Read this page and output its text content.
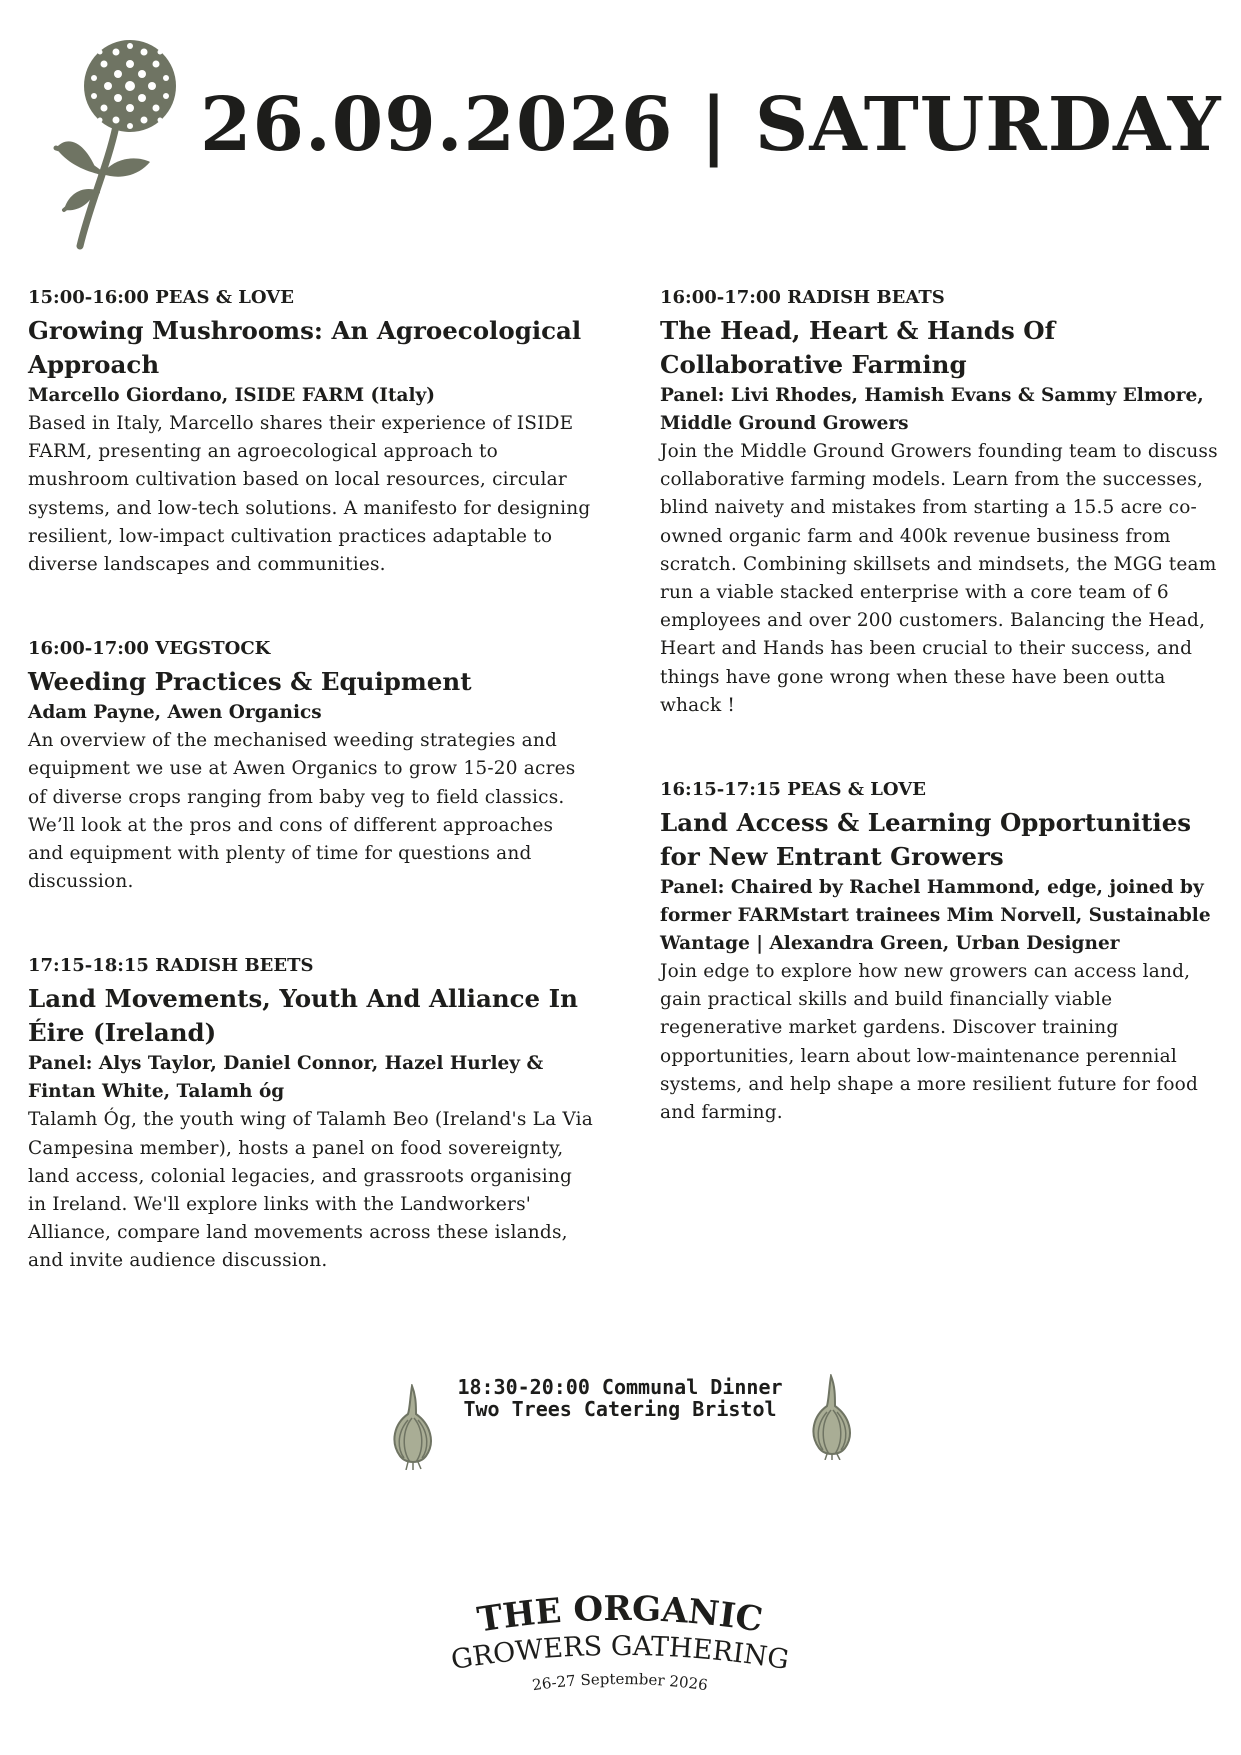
26.09.2026 | SATURDAY
15:00-16:00 PEAS & LOVE
Growing Mushrooms: An Agroecological Approach
Marcello Giordano, ISIDE FARM (Italy)
Based in Italy, Marcello shares their experience of ISIDE FARM, presenting an agroecological approach to mushroom cultivation based on local resources, circular systems, and low-tech solutions. A manifesto for designing resilient, low-impact cultivation practices adaptable to diverse landscapes and communities.
16:00-17:00 VEGSTOCK
Weeding Practices & Equipment
Adam Payne, Awen Organics
An overview of the mechanised weeding strategies and equipment we use at Awen Organics to grow 15-20 acres of diverse crops ranging from baby veg to field classics. We’ll look at the pros and cons of different approaches and equipment with plenty of time for questions and discussion.
17:15-18:15 RADISH BEETS
Land Movements, Youth And Alliance In Éire (Ireland)
Panel: Alys Taylor, Daniel Connor, Hazel Hurley & Fintan White, Talamh óg
Talamh Óg, the youth wing of Talamh Beo (Ireland's La Via Campesina member), hosts a panel on food sovereignty, land access, colonial legacies, and grassroots organising in Ireland. We'll explore links with the Landworkers' Alliance, compare land movements across these islands, and invite audience discussion.
16:00-17:00 RADISH BEATS
The Head, Heart & Hands Of Collaborative Farming
Panel: Livi Rhodes, Hamish Evans & Sammy Elmore, Middle Ground Growers
Join the Middle Ground Growers founding team to discuss collaborative farming models. Learn from the successes, blind naivety and mistakes from starting a 15.5 acre co-owned organic farm and 400k revenue business from scratch. Combining skillsets and mindsets, the MGG team run a viable stacked enterprise with a core team of 6 employees and over 200 customers. Balancing the Head, Heart and Hands has been crucial to their success, and things have gone wrong when these have been outta whack !
16:15-17:15 PEAS & LOVE
Land Access & Learning Opportunities for New Entrant Growers
Panel: Chaired by Rachel Hammond, edge, joined by former FARMstart trainees Mim Norvell, Sustainable Wantage | Alexandra Green, Urban Designer
Join edge to explore how new growers can access land, gain practical skills and build financially viable regenerative market gardens. Discover training opportunities, learn about low-maintenance perennial systems, and help shape a more resilient future for food and farming.
18:30-20:00 Communal Dinner
Two Trees Catering Bristol
THE ORGANIC
GROWERS GATHERING
26-27 September 2026
